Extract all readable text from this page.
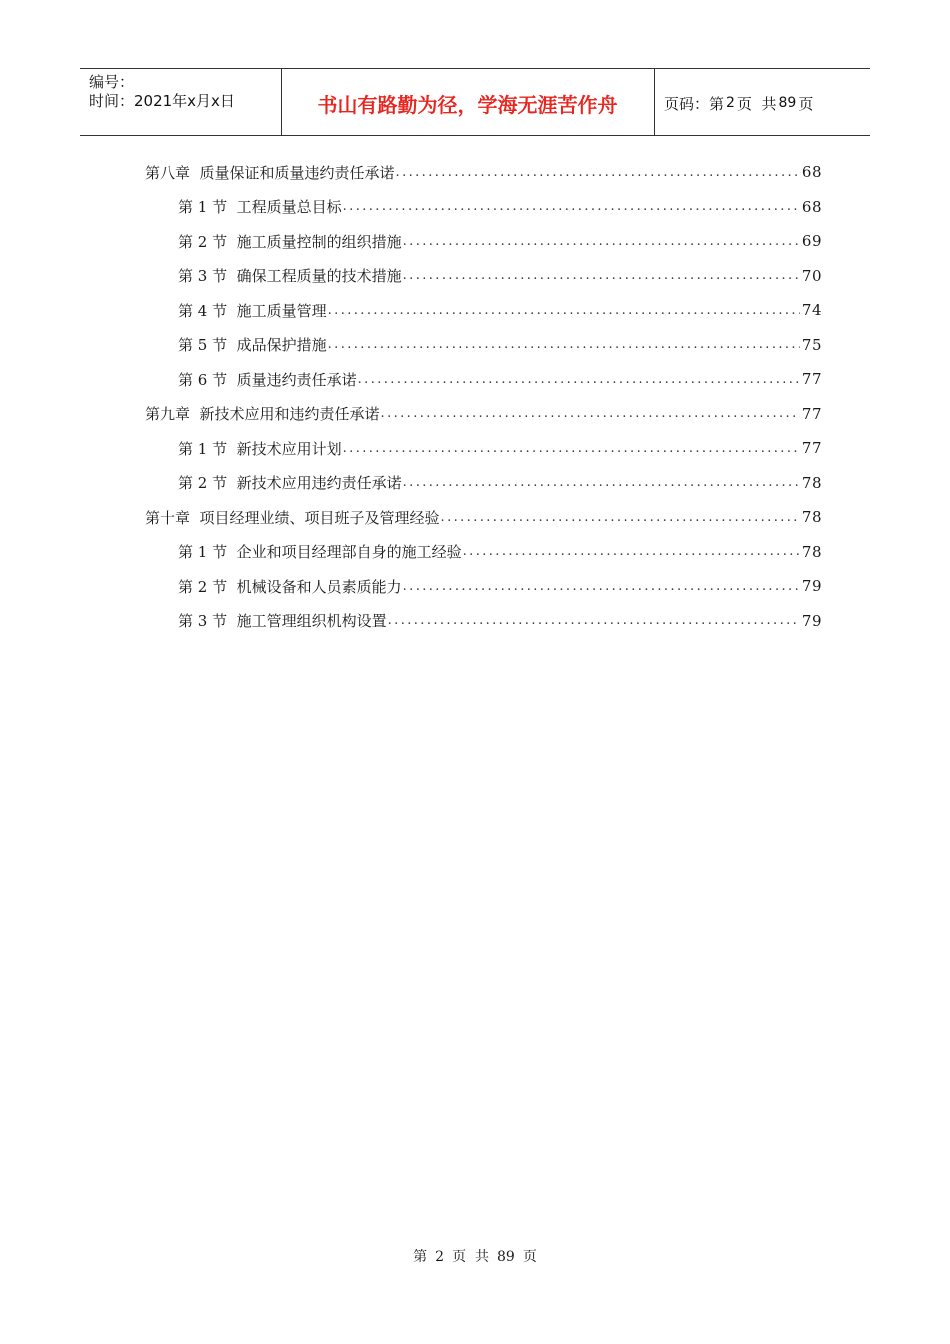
编号：
时间：2021年x月x日	书山有路勤为径，学海无涯苦作舟	页码：第 2 页  共 89 页
第八章  质量保证和质量违约责任承诺 .....	68
第 1 节  工程质量总目标 .....	68
第 2 节  施工质量控制的组织措施 .....	69
第 3 节  确保工程质量的技术措施 .....	70
第 4 节  施工质量管理 .....	74
第 5 节  成品保护措施 .....	75
第 6 节  质量违约责任承诺 .....	77
第九章  新技术应用和违约责任承诺 .....	77
第 1 节  新技术应用计划 .....	77
第 2 节  新技术应用违约责任承诺 .....	78
第十章  项目经理业绩、项目班子及管理经验 .....	78
第 1 节  企业和项目经理部自身的施工经验 .....	78
第 2 节  机械设备和人员素质能力 .....	79
第 3 节  施工管理组织机构设置 .....	79
第 2 页  共 89 页
